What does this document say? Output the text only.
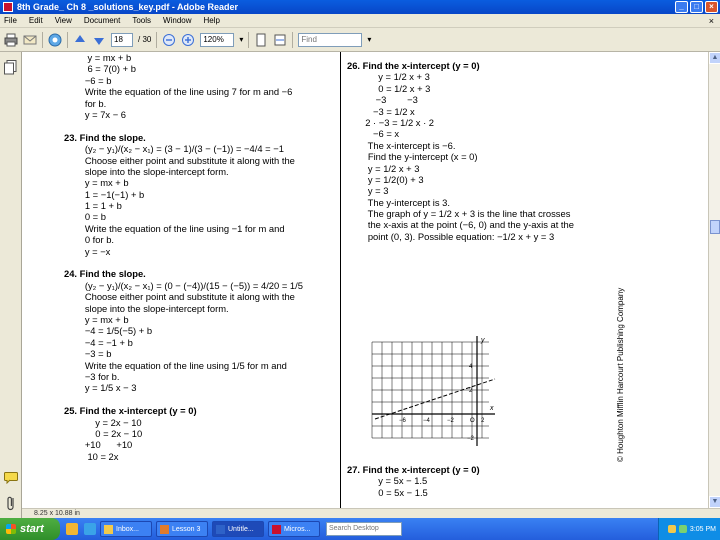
8th Grade_ Ch 8 _solutions_key.pdf - Adobe Reader	_	□	×
File Edit View Document Tools Window Help	×
18	/ 30	120%	▾	Find	▾
y = mx + b
6 = 7(0) + b
−6 = b
Write the equation of the line using 7 for m and −6
for b.
y = 7x − 6
23. Find the slope.
(y₂ − y₁)/(x₂ − x₁) = (3 − 1)/(3 − (−1)) = −4/4 = −1
Choose either point and substitute it along with the
slope into the slope-intercept form.
y = mx + b
1 = −1(−1) + b
1 = 1 + b
0 = b
Write the equation of the line using −1 for m and
0 for b.
y = −x
24. Find the slope.
(y₂ − y₁)/(x₂ − x₁) = (0 − (−4))/(15 − (−5)) = 4/20 = 1/5
Choose either point and substitute it along with the
slope into the slope-intercept form.
y = mx + b
−4 = 1/5(−5) + b
−4 = −1 + b
−3 = b
Write the equation of the line using 1/5 for m and
−3 for b.
y = 1/5 x − 3
25. Find the x-intercept (y = 0)
y = 2x − 10
0 = 2x − 10
+10      +10
10 = 2x
26. Find the x-intercept (y = 0)
y = 1/2 x + 3
0 = 1/2 x + 3
−3        −3
−3 = 1/2 x
2 · −3 = 1/2 x · 2
−6 = x
The x-intercept is −6.
Find the y-intercept (x = 0)
y = 1/2 x + 3
y = 1/2(0) + 3
y = 3
The y-intercept is 3.
The graph of y = 1/2 x + 3 is the line that crosses
the x-axis at the point (−6, 0) and the y-axis at the
point (0, 3). Possible equation: −1/2 x + y = 3
y
x
4
2
−6	−4	−2	O 2
−2
27. Find the x-intercept (y = 0)
y = 5x − 1.5
0 = 5x − 1.5
© Houghton Mifflin Harcourt Publishing Company
▲
▼
8.25 x 10.88 in
start	Inbox...	Lesson 3	Untitle...	Micros...	Search Desktop	3:05 PM
